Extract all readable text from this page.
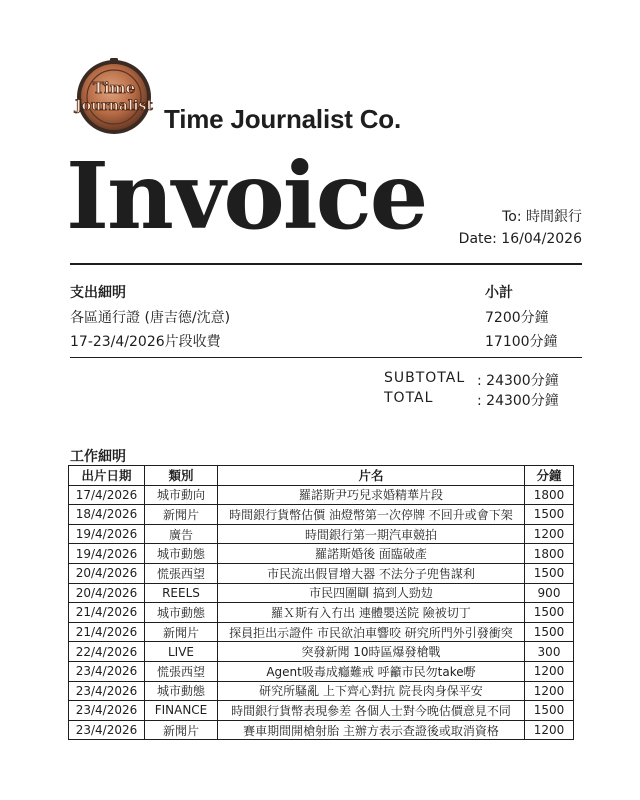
Time
Journalist Time Journalist Co.
Invoice	To: 時間銀行
Date: 16/04/2026
支出細明	小計
各區通行證 (唐吉德/沈意)	7200分鐘
17-23/4/2026片段收費	17100分鐘
SUBTOTAL : 24300分鐘
TOTAL	: 24300分鐘
工作細明
出片日期	類別	片名	分鐘
17/4/2026	城市動向	羅諾斯尹巧兒求婚精華片段	1800
18/4/2026	新聞片	時間銀行貨幣估價 油燈幣第一次停牌 不回升或會下架	1500
19/4/2026	廣告	時間銀行第一期汽車競拍	1200
19/4/2026	城市動態	羅諾斯婚後 面臨破產	1800
20/4/2026	慌張西望	市民流出假冒增大器 不法分子兜售謀利	1500
20/4/2026	REELS	市民四圍瞓 搞到人勁攰	900
21/4/2026	城市動態	羅Ｘ斯有入冇出 連體嬰送院 險被切丁	1500
21/4/2026	新聞片	探員拒出示證件 市民欲泊車響咬 研究所門外引發衝突	1500
22/4/2026	LIVE	突發新聞 10時區爆發槍戰	300
23/4/2026	慌張西望	Agent吸毒成癮難戒 呼籲市民勿take嘢	1200
23/4/2026	城市動態	研究所騷亂 上下齊心對抗 院長肉身保平安	1200
23/4/2026	FINANCE	時間銀行貨幣表現參差 各個人士對今晚估價意見不同	1500
23/4/2026	新聞片	賽車期間開槍射胎 主辦方表示查證後或取消資格	1200
